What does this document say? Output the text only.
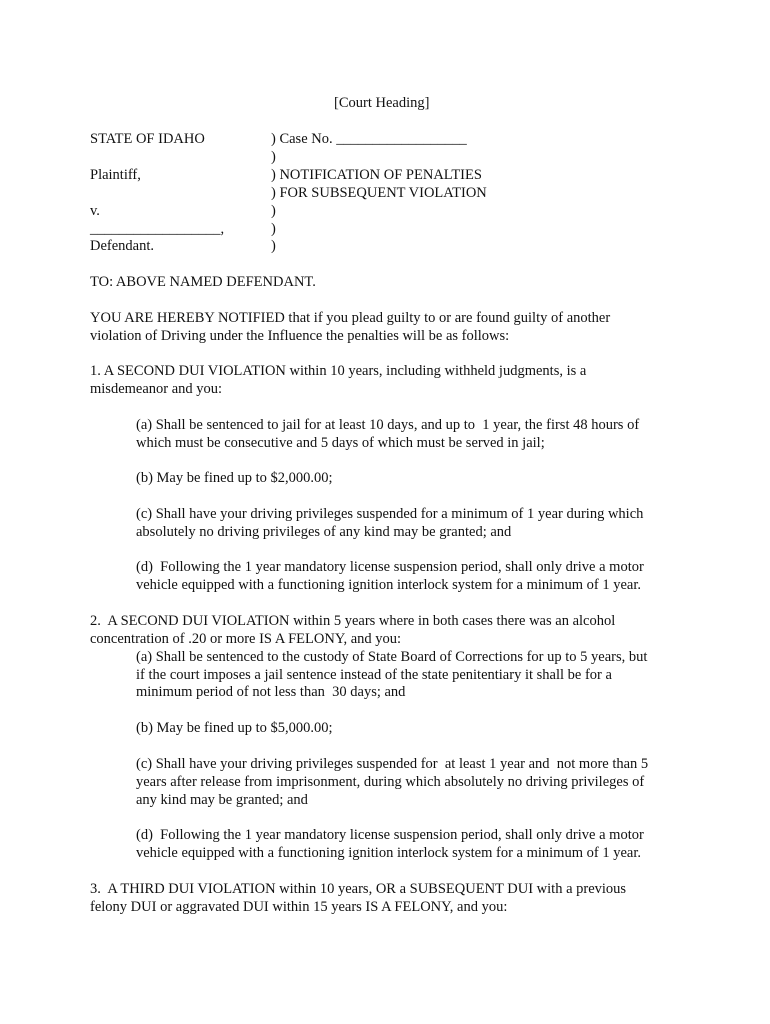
[Court Heading]
STATE OF IDAHO
Plaintiff,
v.
__________________,
Defendant.
) Case No. __________________
)
) NOTIFICATION OF PENALTIES
) FOR SUBSEQUENT VIOLATION
)
)
)
TO: ABOVE NAMED DEFENDANT.
YOU ARE HEREBY NOTIFIED that if you plead guilty to or are found guilty of another
violation of Driving under the Influence the penalties will be as follows:
1. A SECOND DUI VIOLATION within 10 years, including withheld judgments, is a
misdemeanor and you:
(a) Shall be sentenced to jail for at least 10 days, and up to  1 year, the first 48 hours of
which must be consecutive and 5 days of which must be served in jail;
(b) May be fined up to $2,000.00;
(c) Shall have your driving privileges suspended for a minimum of 1 year during which
absolutely no driving privileges of any kind may be granted; and
(d)  Following the 1 year mandatory license suspension period, shall only drive a motor
vehicle equipped with a functioning ignition interlock system for a minimum of 1 year.
2.  A SECOND DUI VIOLATION within 5 years where in both cases there was an alcohol
concentration of .20 or more IS A FELONY, and you:
(a) Shall be sentenced to the custody of State Board of Corrections for up to 5 years, but
if the court imposes a jail sentence instead of the state penitentiary it shall be for a
minimum period of not less than  30 days; and
(b) May be fined up to $5,000.00;
(c) Shall have your driving privileges suspended for  at least 1 year and  not more than 5
years after release from imprisonment, during which absolutely no driving privileges of
any kind may be granted; and
(d)  Following the 1 year mandatory license suspension period, shall only drive a motor
vehicle equipped with a functioning ignition interlock system for a minimum of 1 year.
3.  A THIRD DUI VIOLATION within 10 years, OR a SUBSEQUENT DUI with a previous
felony DUI or aggravated DUI within 15 years IS A FELONY, and you:
